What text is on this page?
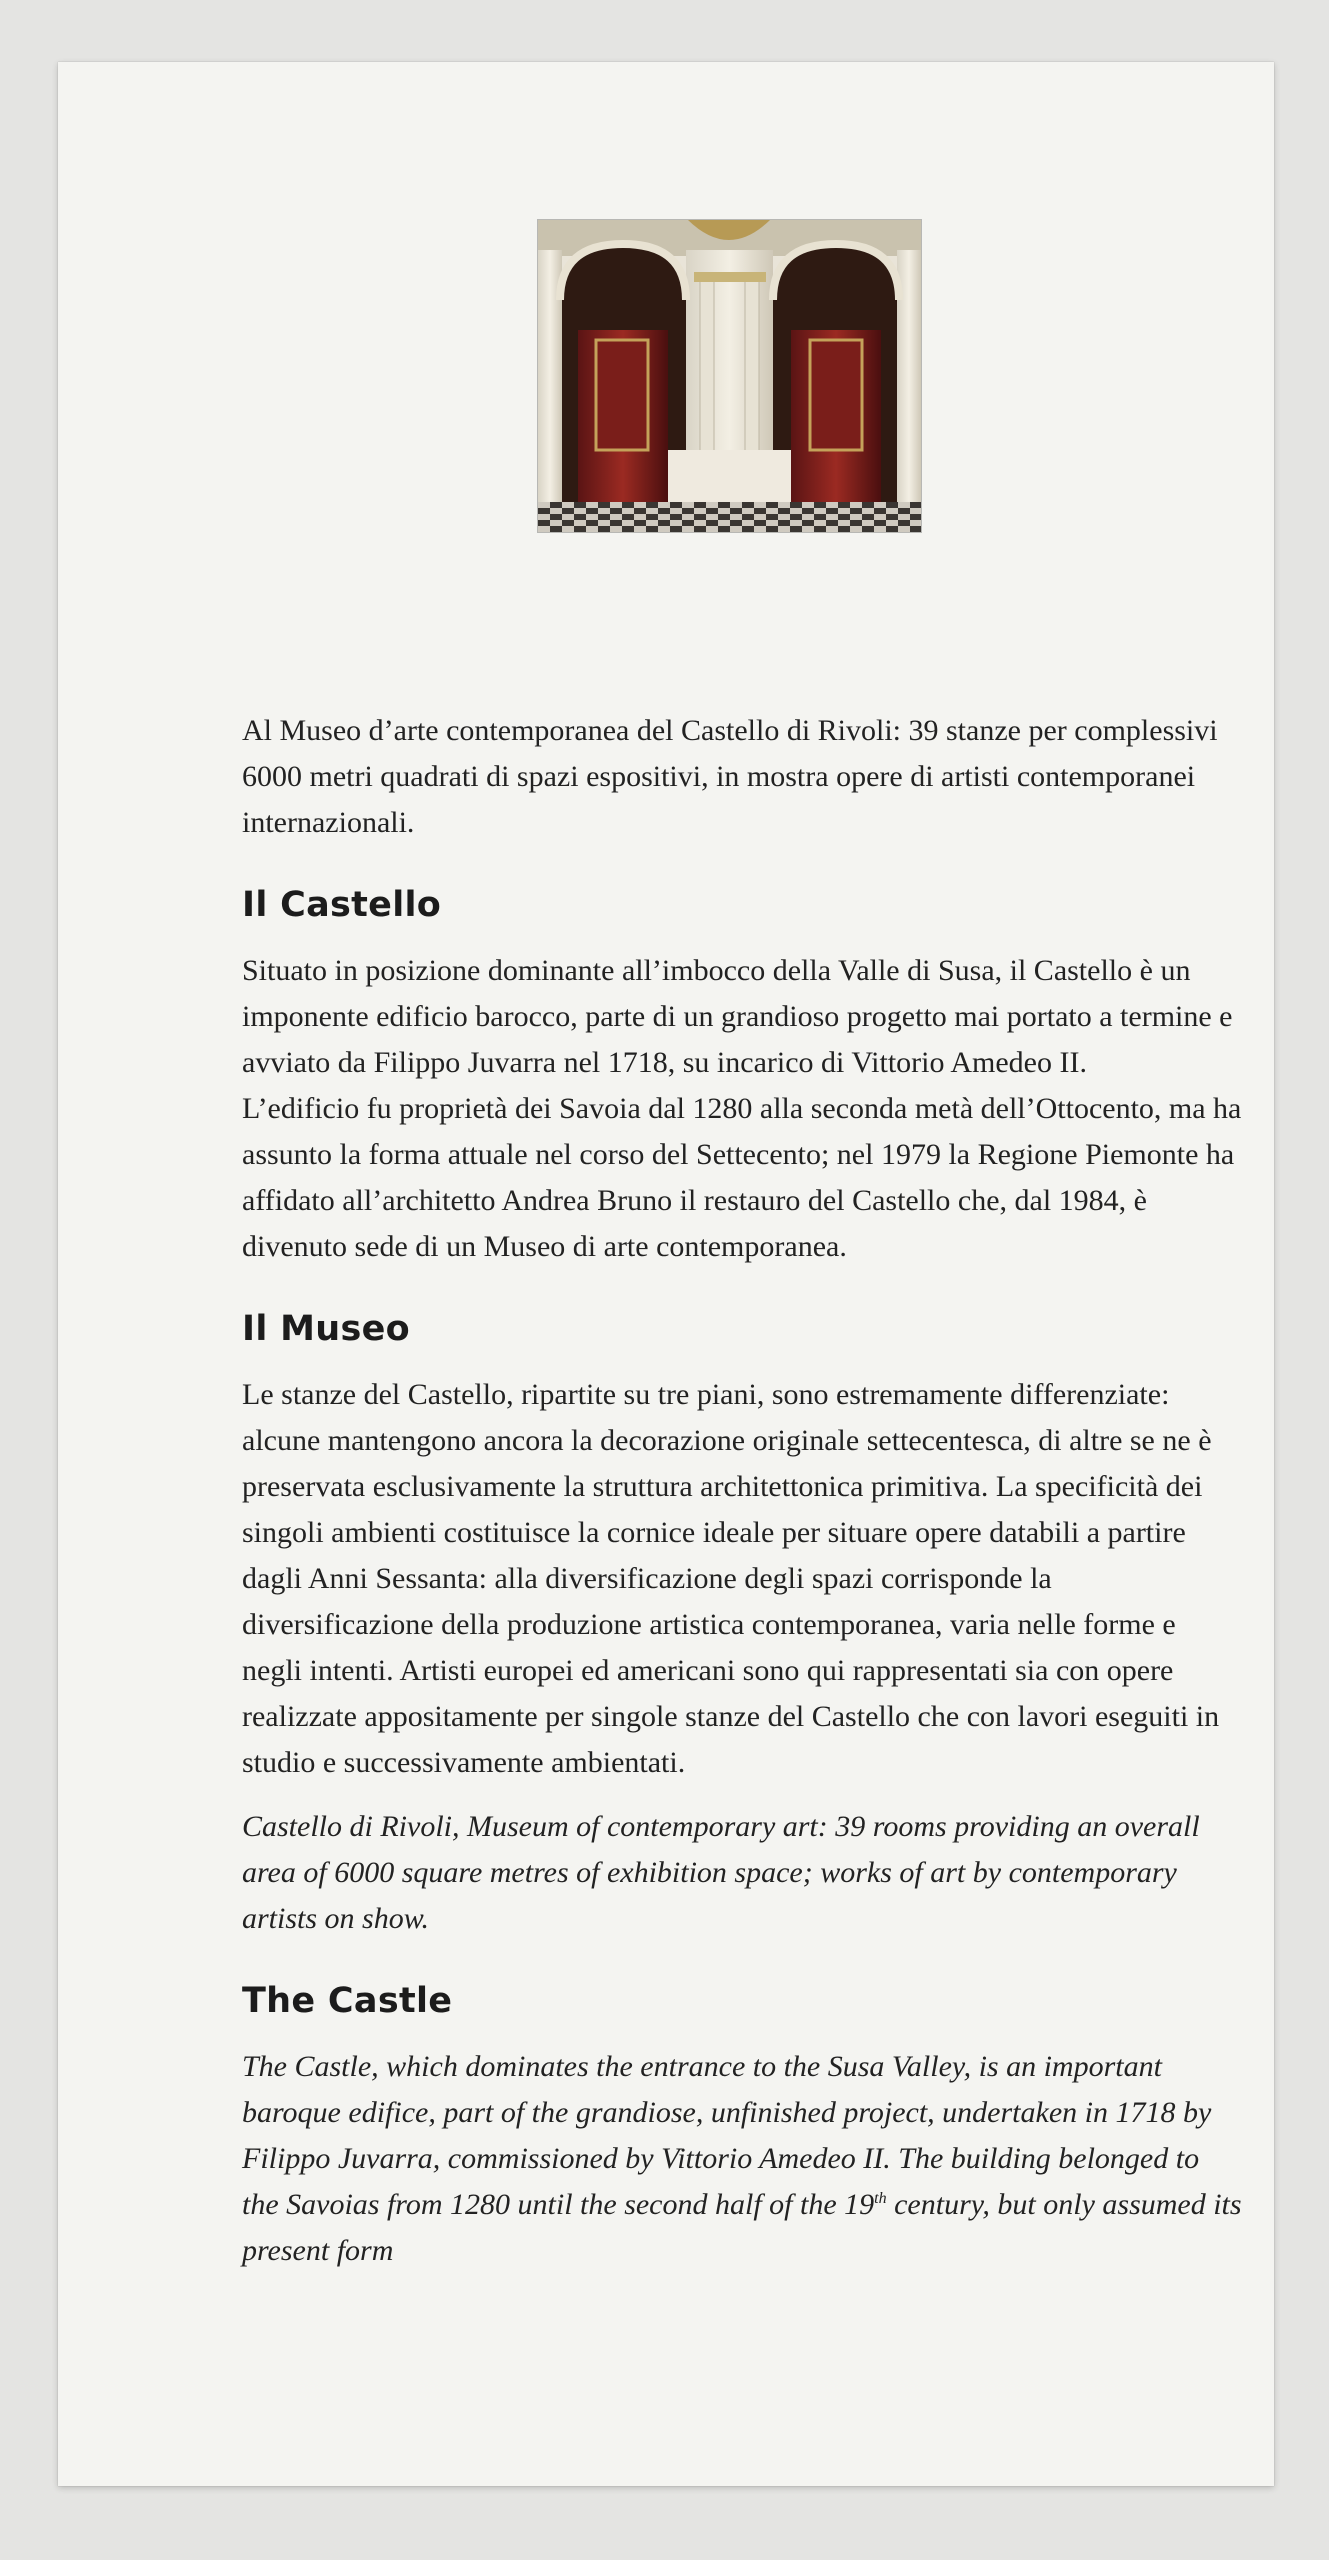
Al Museo d’arte contemporanea del Castello di Rivoli: 39 stanze per complessivi 6000 metri quadrati di spazi espositivi, in mostra opere di artisti contemporanei internazionali.

Il Castello

Situato in posizione dominante all’imbocco della Valle di Susa, il Castello è un imponente edificio barocco, parte di un grandioso progetto mai portato a termine e avviato da Filippo Juvarra nel 1718, su incarico di Vittorio Amedeo II.

L’edificio fu proprietà dei Savoia dal 1280 alla seconda metà dell’Ottocento, ma ha assunto la forma attuale nel corso del Settecento; nel 1979 la Regione Piemonte ha affidato all’architetto Andrea Bruno il restauro del Castello che, dal 1984, è divenuto sede di un Museo di arte contemporanea.

Il Museo

Le stanze del Castello, ripartite su tre piani, sono estremamente differenziate: alcune mantengono ancora la decorazione originale settecentesca, di altre se ne è preservata esclusivamente la struttura architettonica primitiva. La specificità dei singoli ambienti costituisce la cornice ideale per situare opere databili a partire dagli Anni Sessanta: alla diversificazione degli spazi corrisponde la diversificazione della produzione artistica contemporanea, varia nelle forme e negli intenti. Artisti europei ed americani sono qui rappresentati sia con opere realizzate appositamente per singole stanze del Castello che con lavori eseguiti in studio e successivamente ambientati.

Castello di Rivoli, Museum of contemporary art: 39 rooms providing an overall area of 6000 square metres of exhibition space; works of art by contemporary artists on show.

The Castle

The Castle, which dominates the entrance to the Susa Valley, is an important baroque edifice, part of the grandiose, unfinished project, undertaken in 1718 by Filippo Juvarra, commissioned by Vittorio Amedeo II. The building belonged to the Savoias from 1280 until the second half of the 19th century, but only assumed its present form
